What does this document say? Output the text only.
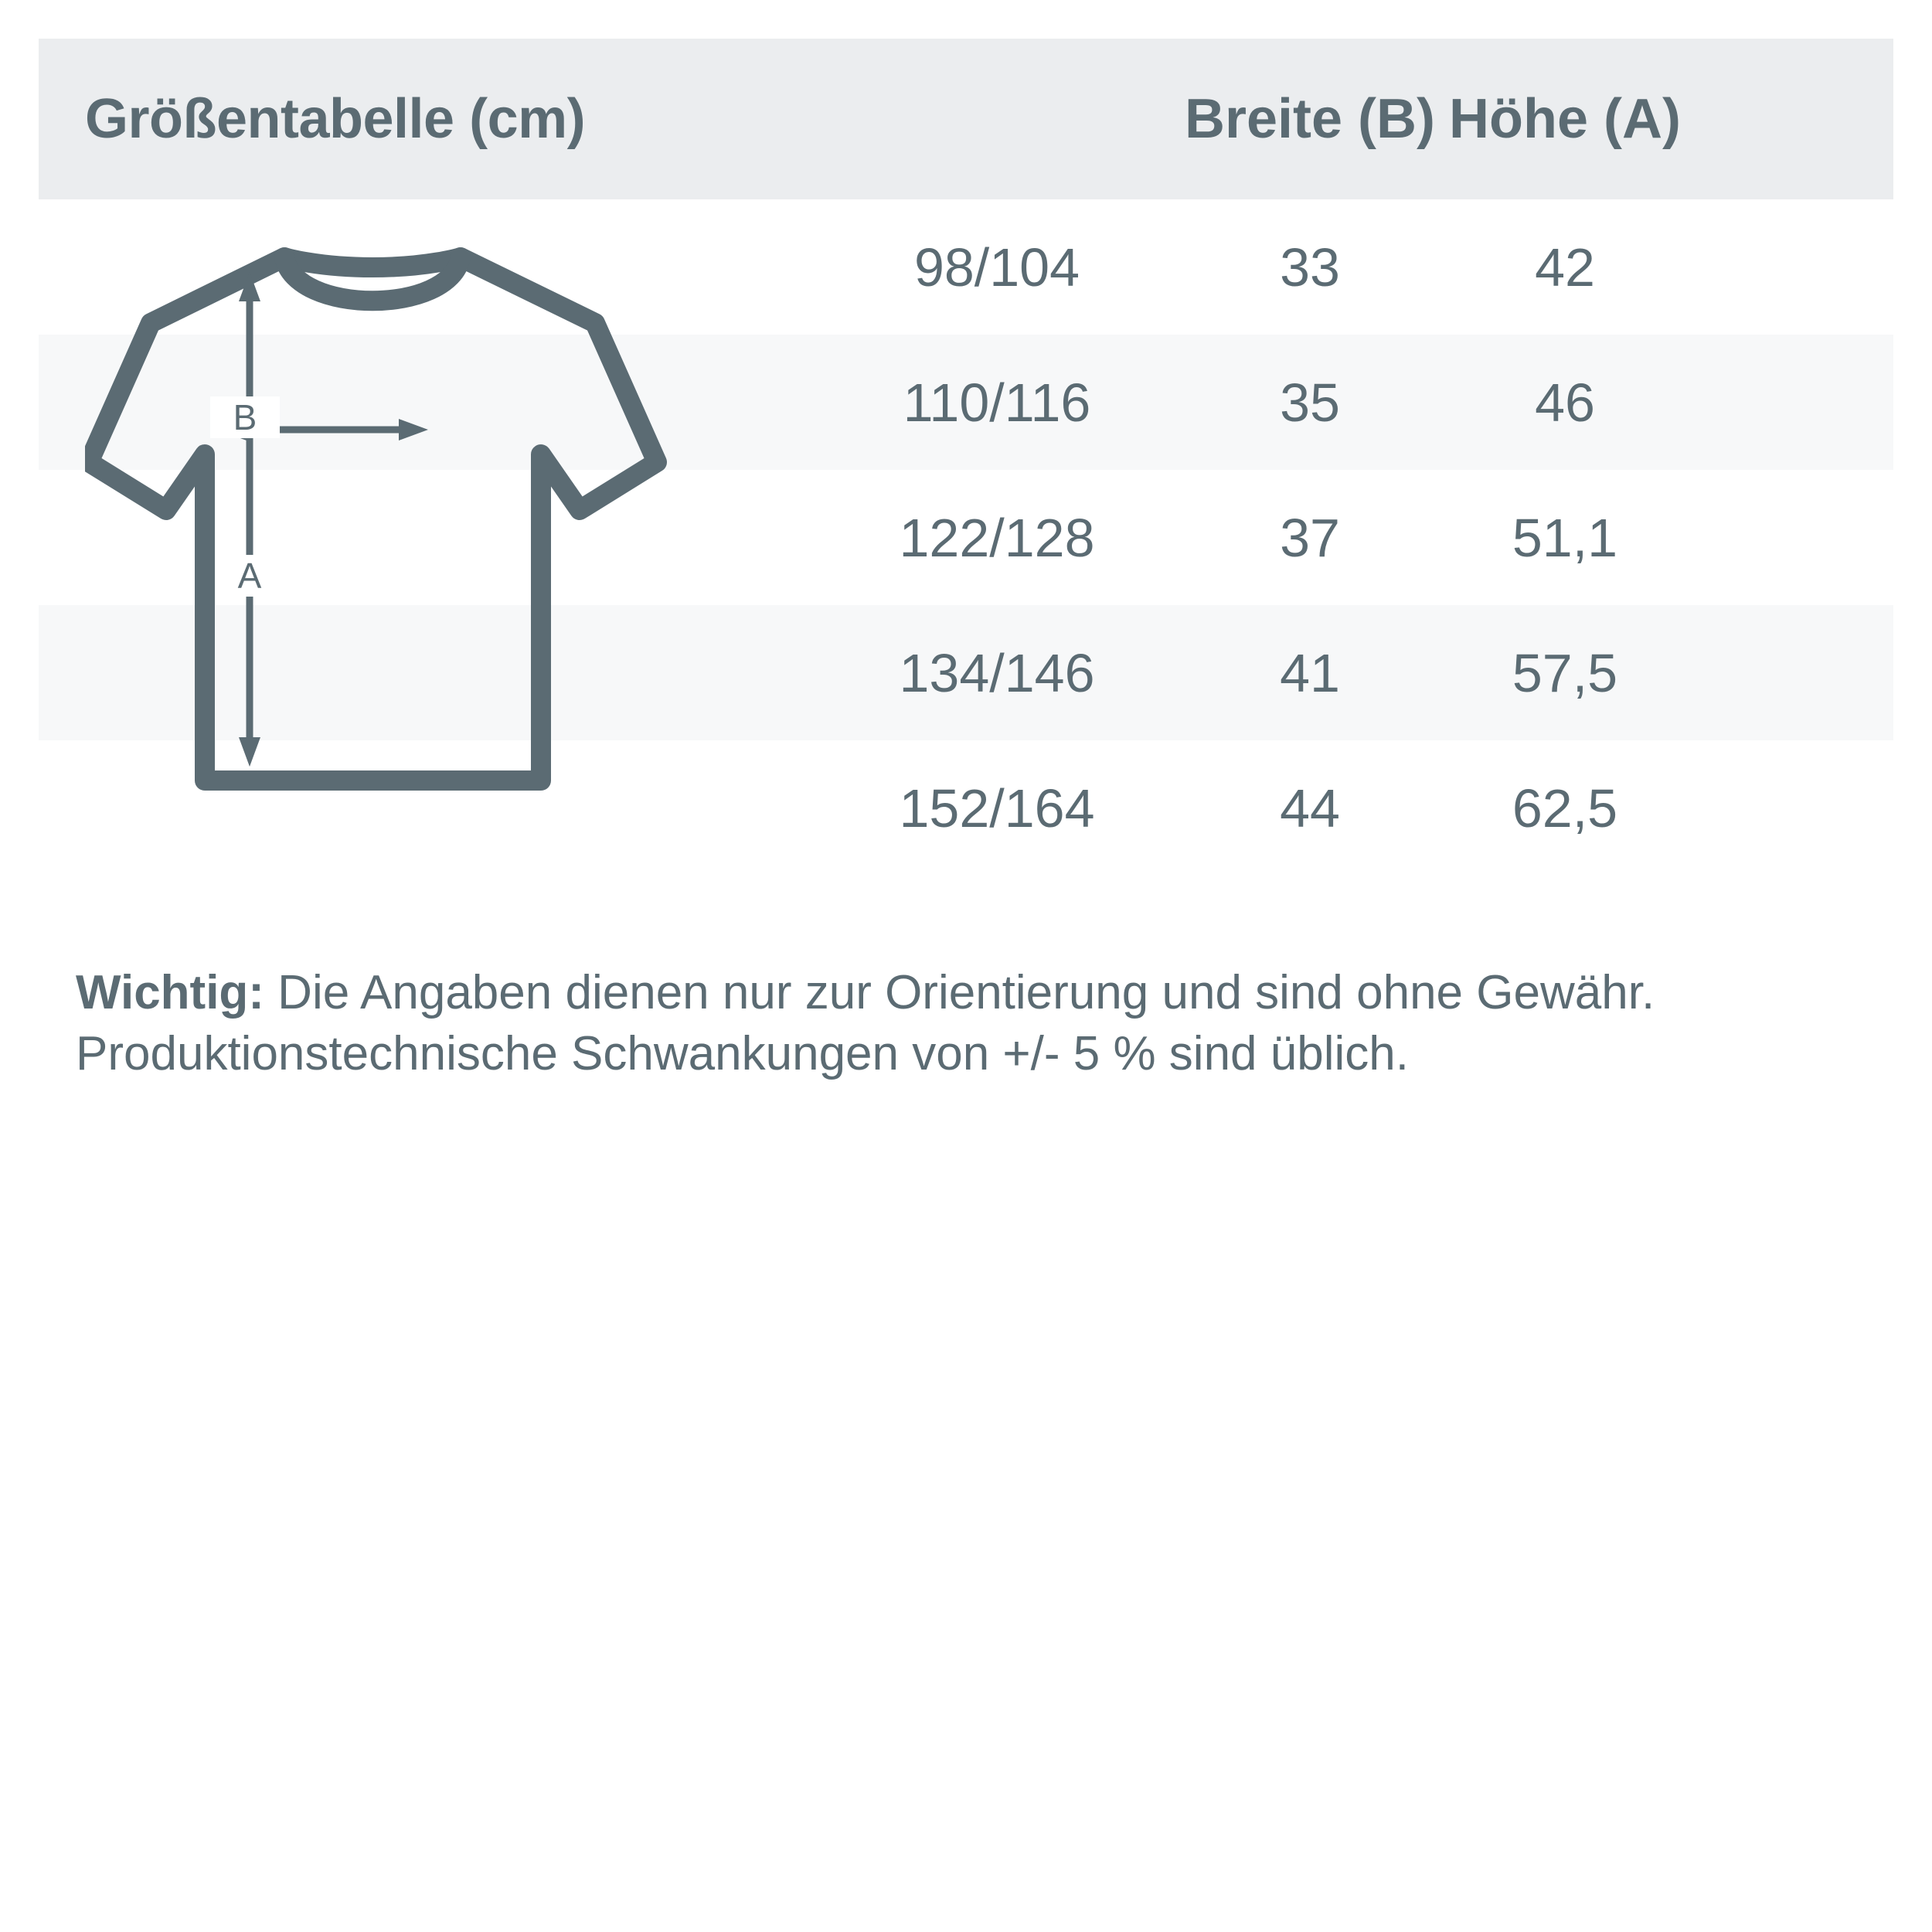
Größentabelle (cm)	Breite (B) Höhe (A)
B
A
98/104	33	42
110/116	35	46
122/128	37	51,1
134/146	41	57,5
152/164	44	62,5
Wichtig: Die Angaben dienen nur zur Orientierung und sind ohne Gewähr. Produktionstechnische Schwankungen von +/- 5 % sind üblich.
